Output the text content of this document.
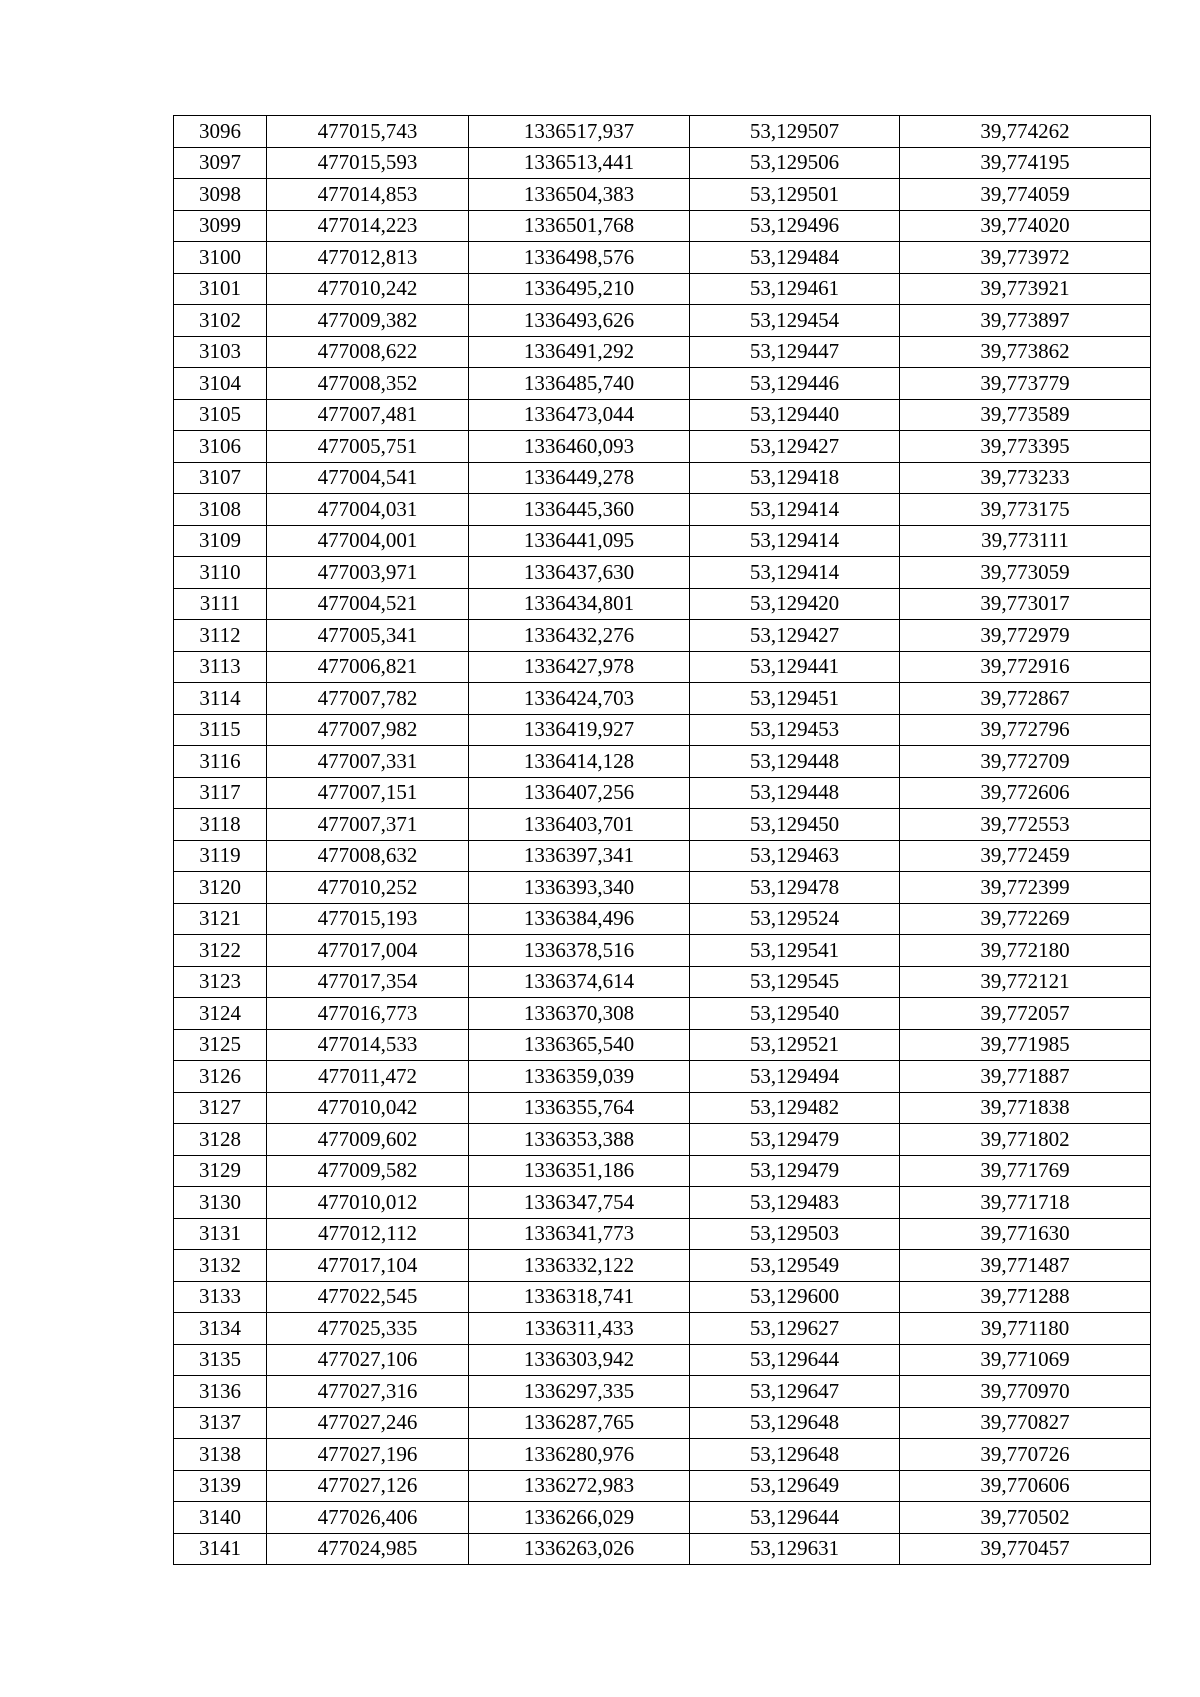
3096	477015,743	1336517,937	53,129507	39,774262
3097	477015,593	1336513,441	53,129506	39,774195
3098	477014,853	1336504,383	53,129501	39,774059
3099	477014,223	1336501,768	53,129496	39,774020
3100	477012,813	1336498,576	53,129484	39,773972
3101	477010,242	1336495,210	53,129461	39,773921
3102	477009,382	1336493,626	53,129454	39,773897
3103	477008,622	1336491,292	53,129447	39,773862
3104	477008,352	1336485,740	53,129446	39,773779
3105	477007,481	1336473,044	53,129440	39,773589
3106	477005,751	1336460,093	53,129427	39,773395
3107	477004,541	1336449,278	53,129418	39,773233
3108	477004,031	1336445,360	53,129414	39,773175
3109	477004,001	1336441,095	53,129414	39,773111
3110	477003,971	1336437,630	53,129414	39,773059
3111	477004,521	1336434,801	53,129420	39,773017
3112	477005,341	1336432,276	53,129427	39,772979
3113	477006,821	1336427,978	53,129441	39,772916
3114	477007,782	1336424,703	53,129451	39,772867
3115	477007,982	1336419,927	53,129453	39,772796
3116	477007,331	1336414,128	53,129448	39,772709
3117	477007,151	1336407,256	53,129448	39,772606
3118	477007,371	1336403,701	53,129450	39,772553
3119	477008,632	1336397,341	53,129463	39,772459
3120	477010,252	1336393,340	53,129478	39,772399
3121	477015,193	1336384,496	53,129524	39,772269
3122	477017,004	1336378,516	53,129541	39,772180
3123	477017,354	1336374,614	53,129545	39,772121
3124	477016,773	1336370,308	53,129540	39,772057
3125	477014,533	1336365,540	53,129521	39,771985
3126	477011,472	1336359,039	53,129494	39,771887
3127	477010,042	1336355,764	53,129482	39,771838
3128	477009,602	1336353,388	53,129479	39,771802
3129	477009,582	1336351,186	53,129479	39,771769
3130	477010,012	1336347,754	53,129483	39,771718
3131	477012,112	1336341,773	53,129503	39,771630
3132	477017,104	1336332,122	53,129549	39,771487
3133	477022,545	1336318,741	53,129600	39,771288
3134	477025,335	1336311,433	53,129627	39,771180
3135	477027,106	1336303,942	53,129644	39,771069
3136	477027,316	1336297,335	53,129647	39,770970
3137	477027,246	1336287,765	53,129648	39,770827
3138	477027,196	1336280,976	53,129648	39,770726
3139	477027,126	1336272,983	53,129649	39,770606
3140	477026,406	1336266,029	53,129644	39,770502
3141	477024,985	1336263,026	53,129631	39,770457
